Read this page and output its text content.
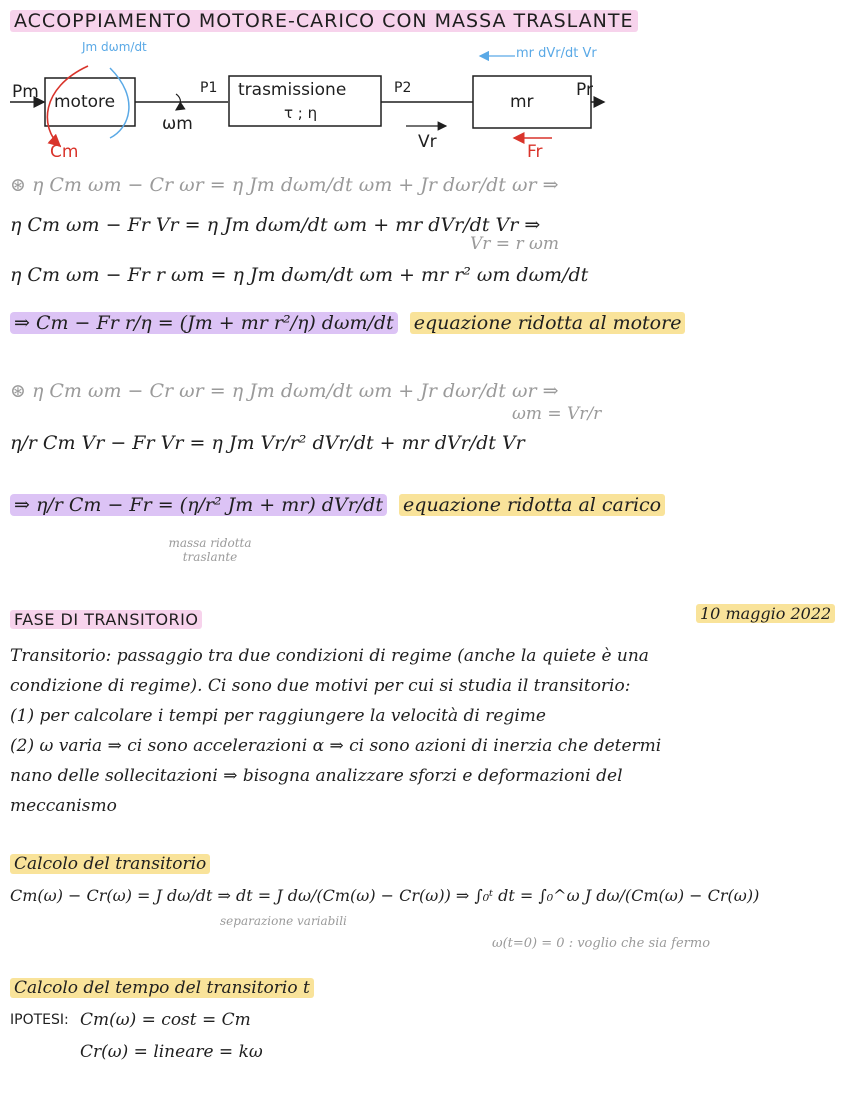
ACCOPPIAMENTO MOTORE-CARICO CON MASSA TRASLANTE
Pm motore
Cm
Jm dωm/dt
ωm
P1 trasmissione
τ ; η
P2
Vr
mr
Pr
mr dVr/dt Vr
Fr
⊛ η Cm ωm − Cr ωr = η Jm dωm/dt ωm + Jr dωr/dt ωr ⇒
η Cm ωm − Fr Vr = η Jm dωm/dt ωm + mr dVr/dt Vr ⇒
Vr = r ωm
η Cm ωm − Fr r ωm = η Jm dωm/dt ωm + mr r² ωm dωm/dt
⇒ Cm − Fr r/η = (Jm + mr r²/η) dωm/dt equazione ridotta al motore
⊛ η Cm ωm − Cr ωr = η Jm dωm/dt ωm + Jr dωr/dt ωr ⇒
ωm = Vr/r
η/r Cm Vr − Fr Vr = η Jm Vr/r² dVr/dt + mr dVr/dt Vr
⇒ η/r Cm − Fr = (η/r² Jm + mr) dVr/dt equazione ridotta al carico
massa ridotta traslante
FASE DI TRANSITORIO	10 maggio 2022
Transitorio: passaggio tra due condizioni di regime (anche la quiete è una
condizione di regime). Ci sono due motivi per cui si studia il transitorio:
(1) per calcolare i tempi per raggiungere la velocità di regime
(2) ω varia ⇒ ci sono accelerazioni α ⇒ ci sono azioni di inerzia che determi
nano delle sollecitazioni ⇒ bisogna analizzare sforzi e deformazioni del
meccanismo
Calcolo del transitorio
Cm(ω) − Cr(ω) = J dω/dt ⇒ dt = J dω/(Cm(ω) − Cr(ω)) ⇒ ∫₀ᵗ dt = ∫₀^ω J dω/(Cm(ω) − Cr(ω))
separazione variabili
ω(t=0) = 0 : voglio che sia fermo
Calcolo del tempo del transitorio t
IPOTESI: Cm(ω) = cost = Cm
Cr(ω) = lineare = kω
